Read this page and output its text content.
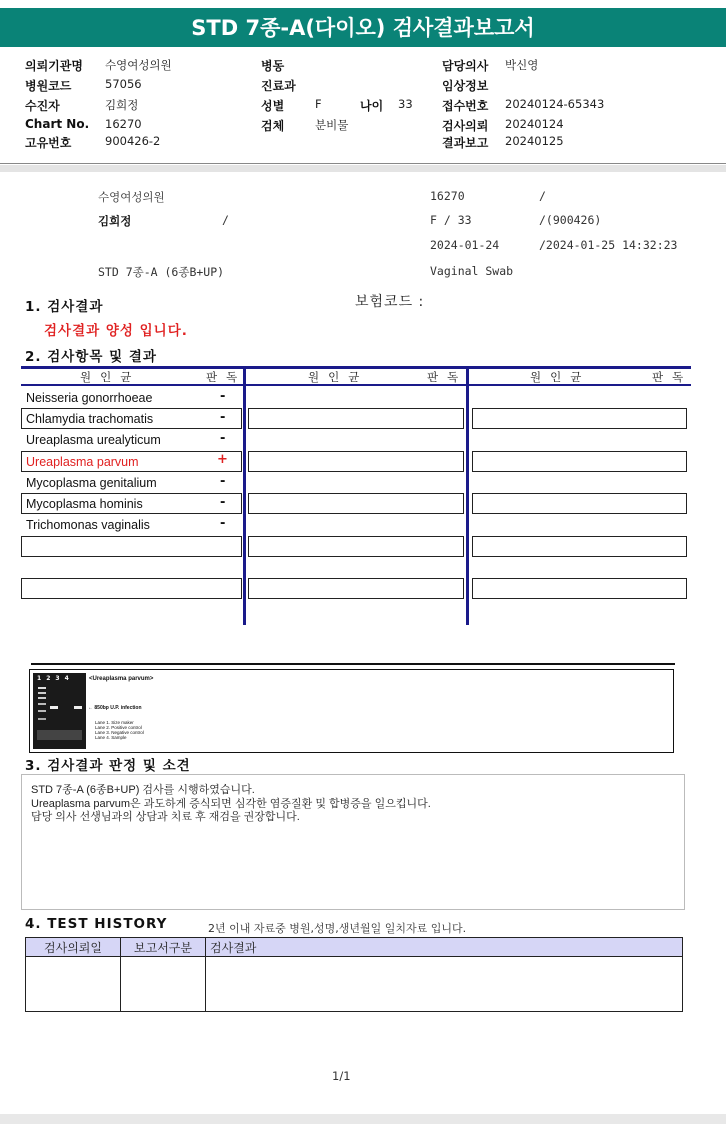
STD 7종-A(다이오) 검사결과보고서
의뢰기관명 수영여성의원
병원코드	57056
수진자	김희정
Chart No. 16270
고유번호	900426-2
병동
진료과
성별	F	나이 33
검체	분비물
담당의사 박신영
임상정보
접수번호 20240124-65343
검사의뢰 20240124
결과보고 20240125
수영여성의원	16270	/
김희정	/	F / 33	/(900426)
2024-01-24	/2024-01-25 14:32:23
STD 7종-A (6종B+UP)	Vaginal Swab
1. 검사결과	보험코드 :
검사결과 양성 입니다.
2. 검사항목 및 결과
원인균	판독	원인균	판독	원인균	판독
Neisseria gonorrhoeae	-
Chlamydia trachomatis	-
Ureaplasma urealyticum	-
Ureaplasma parvum	+
Mycoplasma genitalium	-
Mycoplasma hominis	-
Trichomonas vaginalis	-
1234	<Ureaplasma parvum>
← 850bp U.P. infection
Lane 1. Size maker
Lane 2. Positive control
Lane 3. Negative control
Lane 4. Sample
3. 검사결과 판정 및 소견
STD 7종-A (6종B+UP) 검사를 시행하였습니다.
Ureaplasma parvum은 과도하게 증식되면 심각한 염증질환 및 합병증을 일으킵니다.
담당 의사 선생님과의 상담과 치료 후 재검을 권장합니다.
4. TEST HISTORY	2년 이내 자료중 병원,성명,생년월일 일치자료 입니다.
검사의뢰일	보고서구분	검사결과

1/1
